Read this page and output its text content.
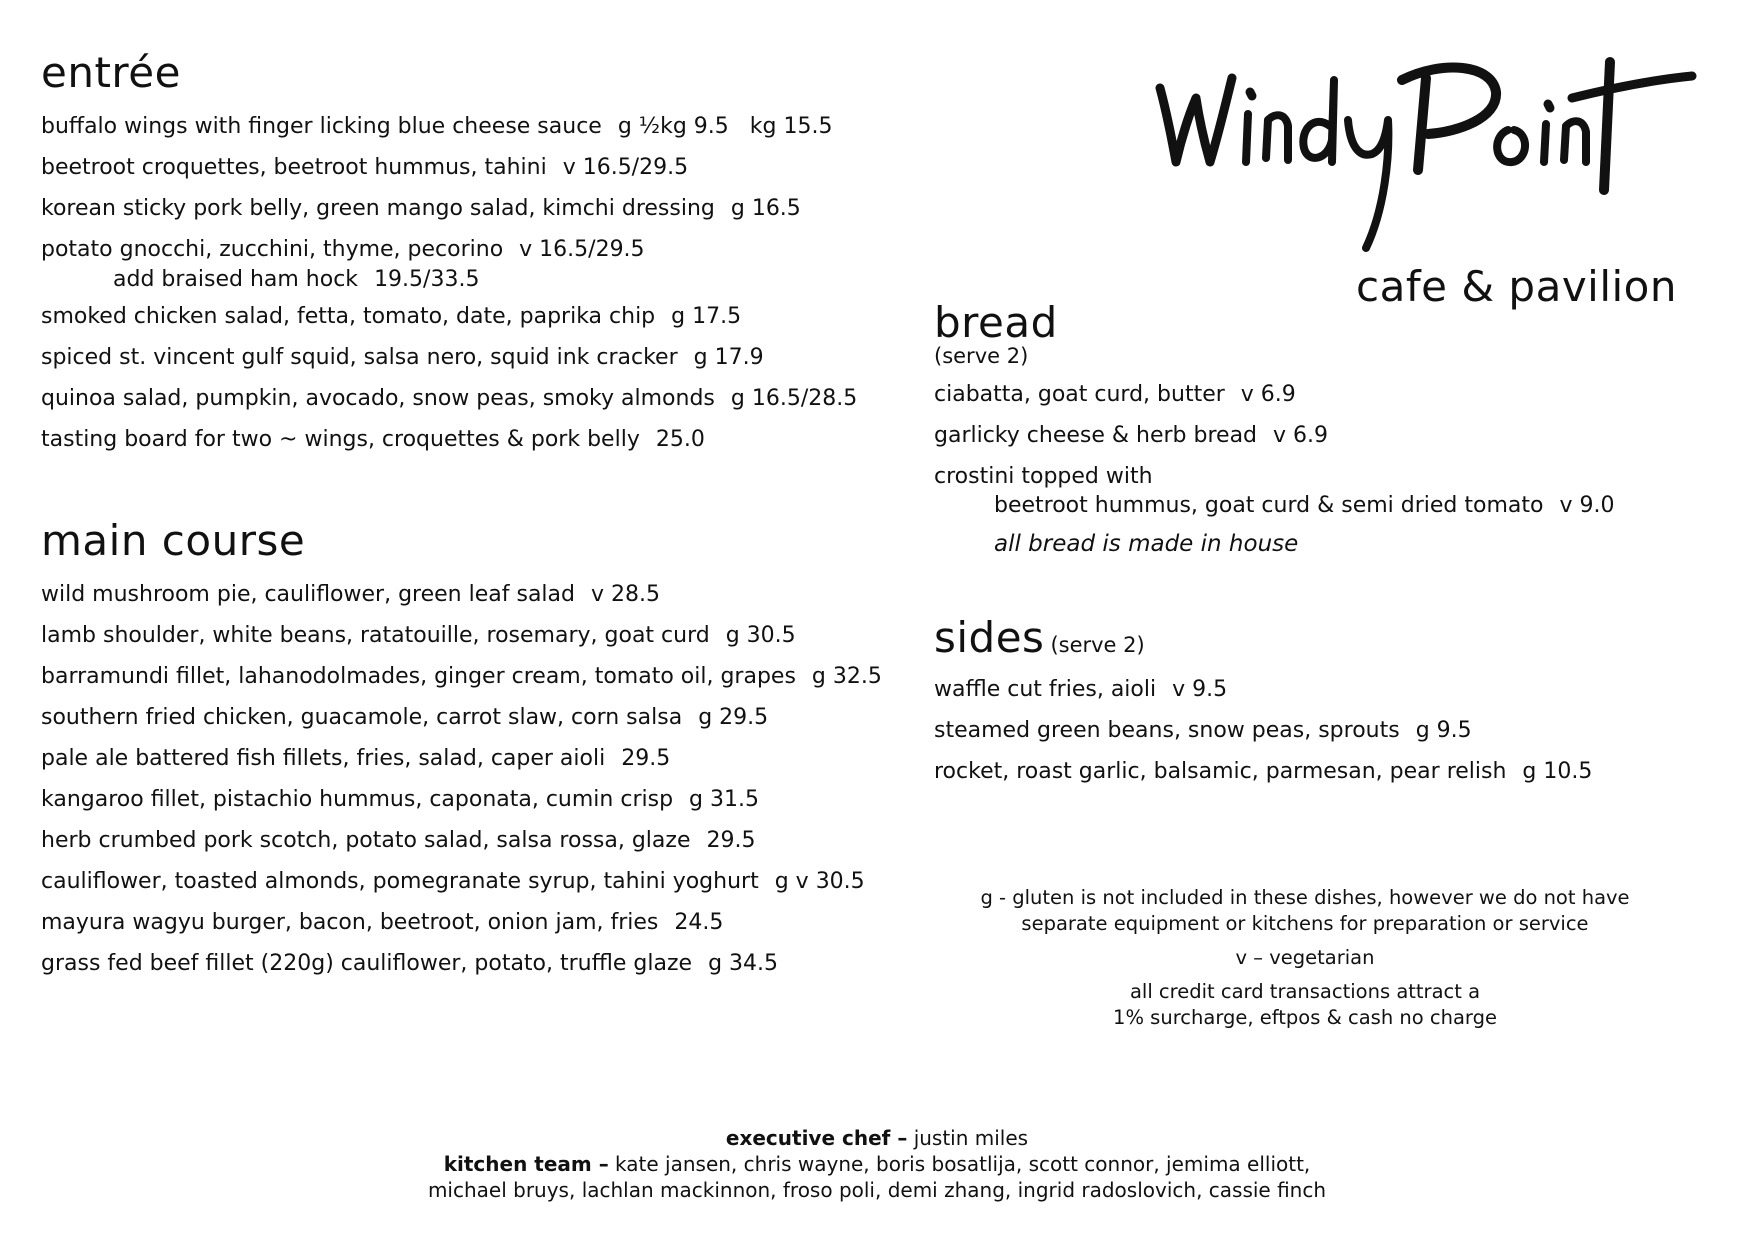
entrée
buffalo wings with finger licking blue cheese sauce g ½kg 9.5   kg 15.5
beetroot croquettes, beetroot hummus, tahini v 16.5/29.5
korean sticky pork belly, green mango salad, kimchi dressing g 16.5
potato gnocchi, zucchini, thyme, pecorino v 16.5/29.5
add braised ham hock 19.5/33.5
smoked chicken salad, fetta, tomato, date, paprika chip g 17.5
spiced st. vincent gulf squid, salsa nero, squid ink cracker g 17.9
quinoa salad, pumpkin, avocado, snow peas, smoky almonds g 16.5/28.5
tasting board for two ~ wings, croquettes & pork belly 25.0
main course
wild mushroom pie, cauliflower, green leaf salad v 28.5
lamb shoulder, white beans, ratatouille, rosemary, goat curd g 30.5
barramundi fillet, lahanodolmades, ginger cream, tomato oil, grapes g 32.5
southern fried chicken, guacamole, carrot slaw, corn salsa g 29.5
pale ale battered fish fillets, fries, salad, caper aioli 29.5
kangaroo fillet, pistachio hummus, caponata, cumin crisp g 31.5
herb crumbed pork scotch, potato salad, salsa rossa, glaze 29.5
cauliflower, toasted almonds, pomegranate syrup, tahini yoghurt g v 30.5
mayura wagyu burger, bacon, beetroot, onion jam, fries 24.5
grass fed beef fillet (220g) cauliflower, potato, truffle glaze g 34.5
cafe & pavilion
bread
(serve 2)
ciabatta, goat curd, butter v 6.9
garlicky cheese & herb bread v 6.9
crostini topped with
beetroot hummus, goat curd & semi dried tomato v 9.0
all bread is made in house
sides (serve 2)
waffle cut fries, aioli v 9.5
steamed green beans, snow peas, sprouts g 9.5
rocket, roast garlic, balsamic, parmesan, pear relish g 10.5

g - gluten is not included in these dishes, however we do not have
separate equipment or kitchens for preparation or service

v – vegetarian

all credit card transactions attract a
1% surcharge, eftpos & cash no charge

executive chef – justin miles
kitchen team – kate jansen, chris wayne, boris bosatlija, scott connor, jemima elliott,
michael bruys, lachlan mackinnon, froso poli, demi zhang, ingrid radoslovich, cassie finch
